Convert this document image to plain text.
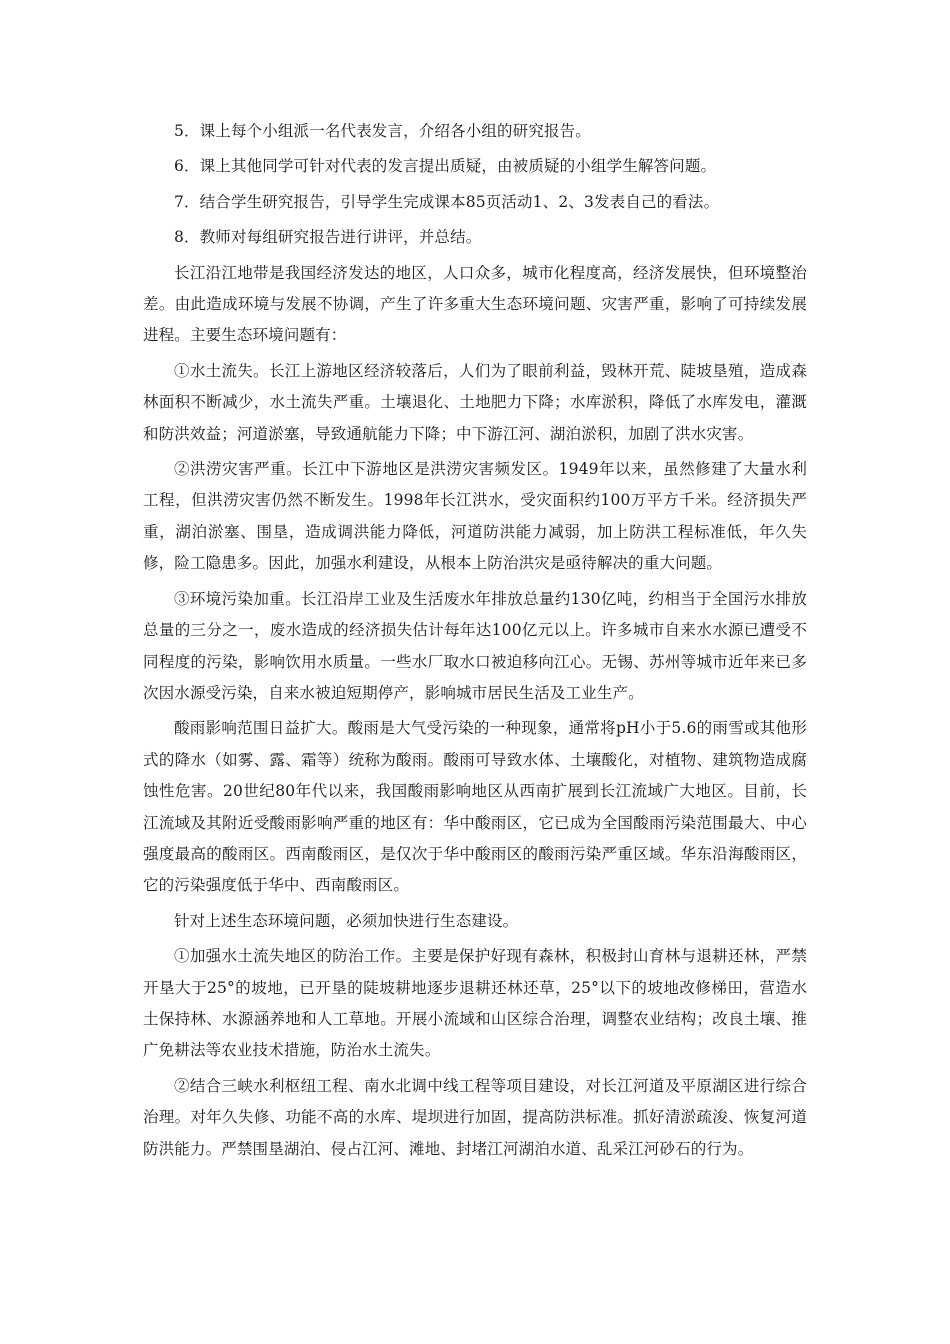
5．课上每个小组派一名代表发言，介绍各小组的研究报告。

6．课上其他同学可针对代表的发言提出质疑，由被质疑的小组学生解答问题。

7．结合学生研究报告，引导学生完成课本85页活动1、2、3发表自己的看法。

8．教师对每组研究报告进行讲评，并总结。

长江沿江地带是我国经济发达的地区，人口众多，城市化程度高，经济发展快，但环境整治差。由此造成环境与发展不协调，产生了许多重大生态环境问题、灾害严重，影响了可持续发展进程。主要生态环境问题有：

①水土流失。长江上游地区经济较落后，人们为了眼前利益，毁林开荒、陡坡垦殖，造成森林面积不断减少，水土流失严重。土壤退化、土地肥力下降；水库淤积，降低了水库发电，灌溉和防洪效益；河道淤塞，导致通航能力下降；中下游江河、湖泊淤积，加剧了洪水灾害。

②洪涝灾害严重。长江中下游地区是洪涝灾害频发区。1949年以来，虽然修建了大量水利工程，但洪涝灾害仍然不断发生。1998年长江洪水，受灾面积约100万平方千米。经济损失严重，湖泊淤塞、围垦，造成调洪能力降低，河道防洪能力减弱，加上防洪工程标准低，年久失修，险工隐患多。因此，加强水利建设，从根本上防治洪灾是亟待解决的重大问题。

③环境污染加重。长江沿岸工业及生活废水年排放总量约130亿吨，约相当于全国污水排放总量的三分之一，废水造成的经济损失估计每年达100亿元以上。许多城市自来水水源已遭受不同程度的污染，影响饮用水质量。一些水厂取水口被迫移向江心。无锡、苏州等城市近年来已多次因水源受污染，自来水被迫短期停产，影响城市居民生活及工业生产。

酸雨影响范围日益扩大。酸雨是大气受污染的一种现象，通常将pH小于5.6的雨雪或其他形式的降水（如雾、露、霜等）统称为酸雨。酸雨可导致水体、土壤酸化，对植物、建筑物造成腐蚀性危害。20世纪80年代以来，我国酸雨影响地区从西南扩展到长江流域广大地区。目前，长江流域及其附近受酸雨影响严重的地区有：华中酸雨区，它已成为全国酸雨污染范围最大、中心强度最高的酸雨区。西南酸雨区，是仅次于华中酸雨区的酸雨污染严重区域。华东沿海酸雨区，它的污染强度低于华中、西南酸雨区。

针对上述生态环境问题，必须加快进行生态建设。

①加强水土流失地区的防治工作。主要是保护好现有森林，积极封山育林与退耕还林，严禁开垦大于25°的坡地，已开垦的陡坡耕地逐步退耕还林还草，25°以下的坡地改修梯田，营造水土保持林、水源涵养地和人工草地。开展小流域和山区综合治理，调整农业结构；改良土壤、推广免耕法等农业技术措施，防治水土流失。

②结合三峡水利枢纽工程、南水北调中线工程等项目建设，对长江河道及平原湖区进行综合治理。对年久失修、功能不高的水库、堤坝进行加固，提高防洪标准。抓好清淤疏浚、恢复河道防洪能力。严禁围垦湖泊、侵占江河、滩地、封堵江河湖泊水道、乱采江河砂石的行为。
